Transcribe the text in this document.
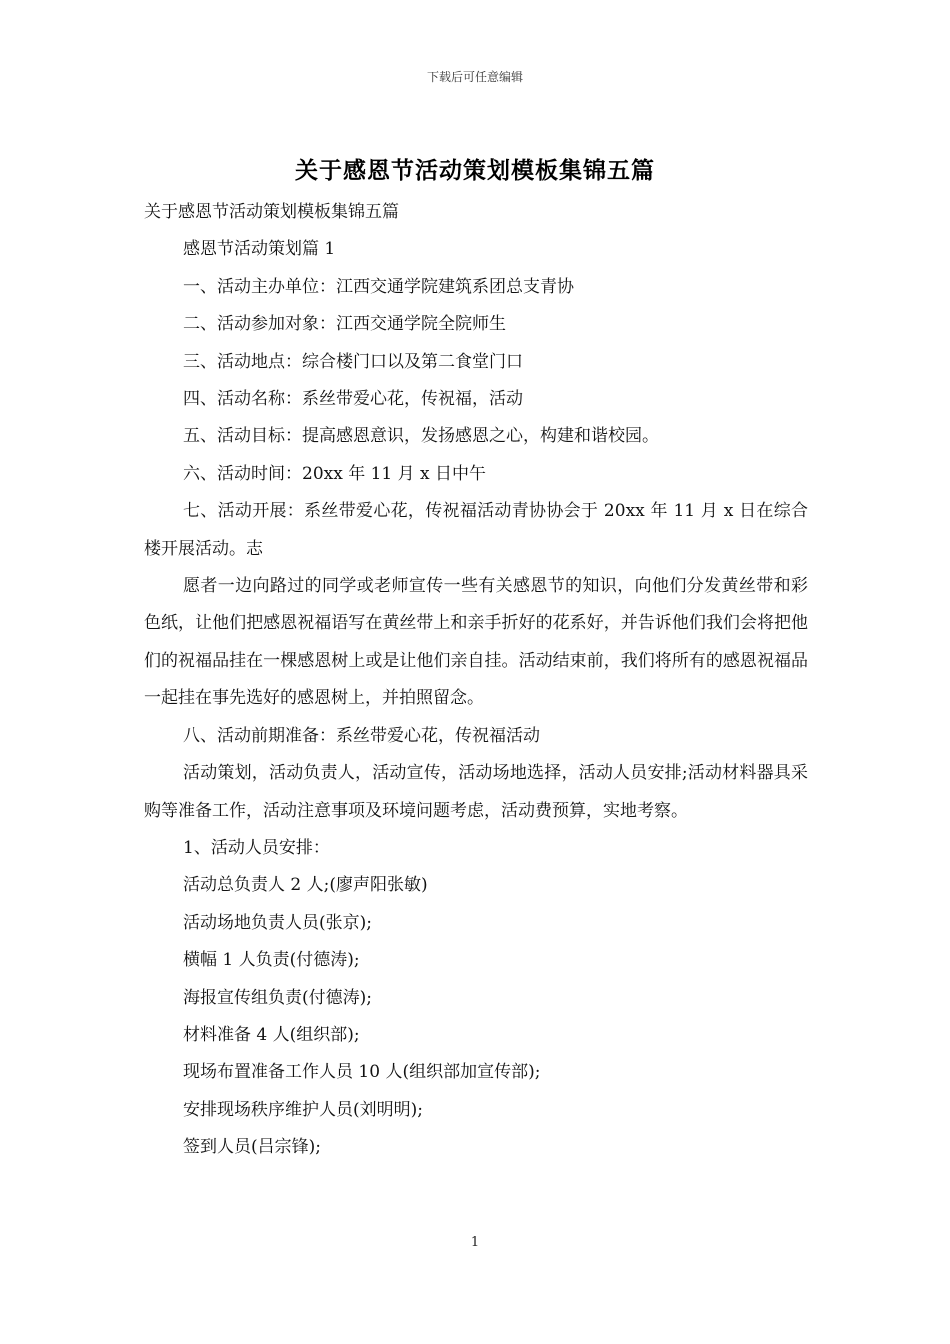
下载后可任意编辑
关于感恩节活动策划模板集锦五篇

关于感恩节活动策划模板集锦五篇

感恩节活动策划篇 1

一、活动主办单位：江西交通学院建筑系团总支青协

二、活动参加对象：江西交通学院全院师生

三、活动地点：综合楼门口以及第二食堂门口

四、活动名称：系丝带爱心花，传祝福，活动

五、活动目标：提高感恩意识，发扬感恩之心，构建和谐校园。

六、活动时间：20xx 年 11 月 x 日中午

七、活动开展：系丝带爱心花，传祝福活动青协协会于 20xx 年 11 月 x 日在综合楼开展活动。志

愿者一边向路过的同学或老师宣传一些有关感恩节的知识，向他们分发黄丝带和彩色纸，让他们把感恩祝福语写在黄丝带上和亲手折好的花系好，并告诉他们我们会将把他们的祝福品挂在一棵感恩树上或是让他们亲自挂。活动结束前，我们将所有的感恩祝福品一起挂在事先选好的感恩树上，并拍照留念。

八、活动前期准备：系丝带爱心花，传祝福活动

活动策划，活动负责人，活动宣传，活动场地选择，活动人员安排;活动材料器具采购等准备工作，活动注意事项及环境问题考虑，活动费预算，实地考察。

1、活动人员安排：

活动总负责人 2 人;(廖声阳张敏)

活动场地负责人员(张京);

横幅 1 人负责(付德涛);

海报宣传组负责(付德涛);

材料准备 4 人(组织部);

现场布置准备工作人员 10 人(组织部加宣传部);

安排现场秩序维护人员(刘明明);

签到人员(吕宗锋);

1
